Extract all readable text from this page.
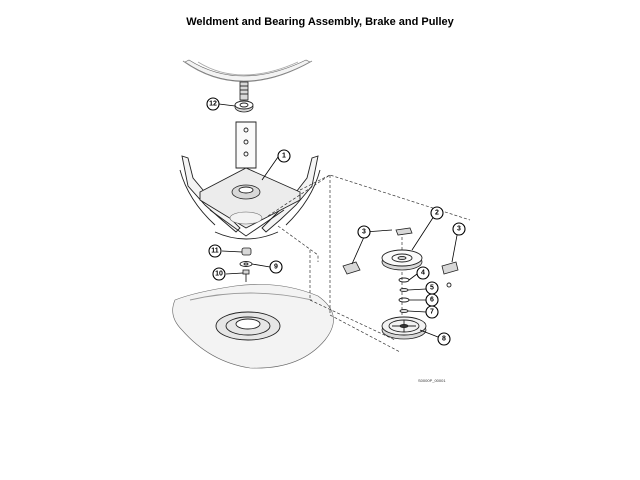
Weldment and Bearing Assembly, Brake and Pulley
12
1
2
3	3
4
5
6
7
8
9
10
11
S0000P_00001
